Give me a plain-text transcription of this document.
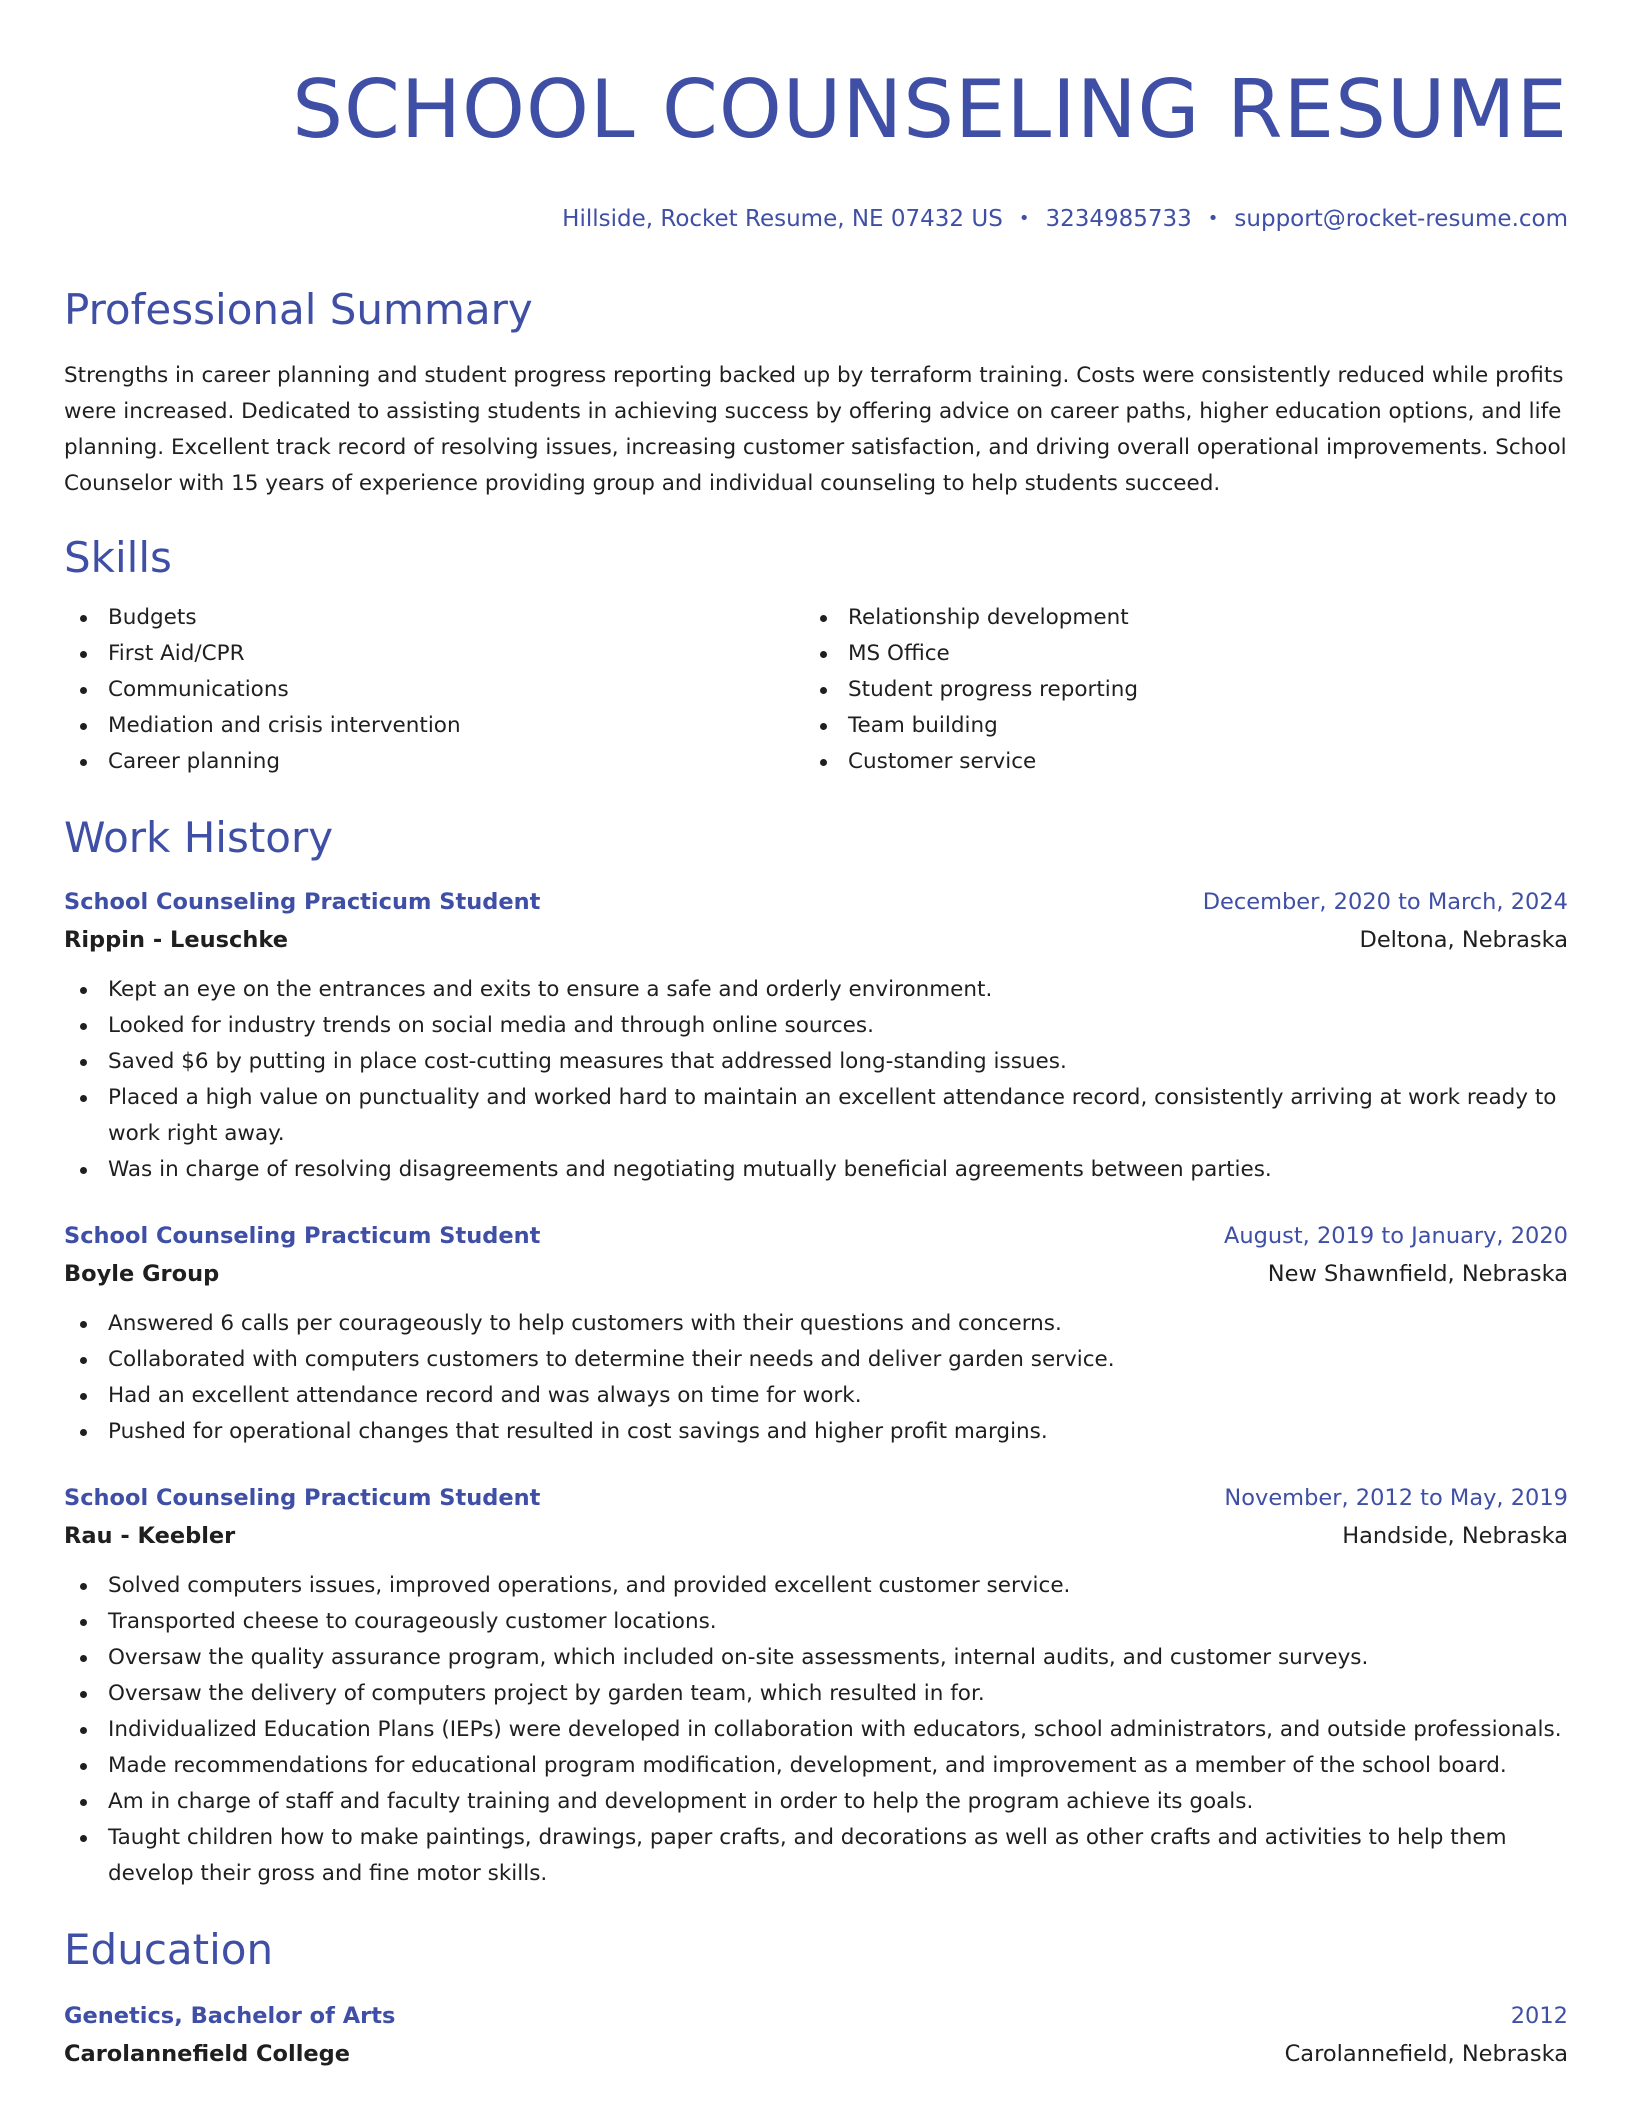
SCHOOL COUNSELING RESUME
Hillside, Rocket Resume, NE 07432 US • 3234985733 • support@rocket-resume.com
Professional Summary

Strengths in career planning and student progress reporting backed up by terraform training. Costs were consistently reduced while profits were increased. Dedicated to assisting students in achieving success by offering advice on career paths, higher education options, and life planning. Excellent track record of resolving issues, increasing customer satisfaction, and driving overall operational improvements. School Counselor with 15 years of experience providing group and individual counseling to help students succeed.

Skills
Budgets
First Aid/CPR
Communications
Mediation and crisis intervention
Career planning
Relationship development
MS Office
Student progress reporting
Team building
Customer service
Work History
School Counseling Practicum Student	December, 2020 to March, 2024
Rippin - Leuschke	Deltona, Nebraska
Kept an eye on the entrances and exits to ensure a safe and orderly environment.
Looked for industry trends on social media and through online sources.
Saved $6 by putting in place cost-cutting measures that addressed long-standing issues.
Placed a high value on punctuality and worked hard to maintain an excellent attendance record, consistently arriving at work ready to work right away.
Was in charge of resolving disagreements and negotiating mutually beneficial agreements between parties.
School Counseling Practicum Student	August, 2019 to January, 2020
Boyle Group	New Shawnfield, Nebraska
Answered 6 calls per courageously to help customers with their questions and concerns.
Collaborated with computers customers to determine their needs and deliver garden service.
Had an excellent attendance record and was always on time for work.
Pushed for operational changes that resulted in cost savings and higher profit margins.
School Counseling Practicum Student	November, 2012 to May, 2019
Rau - Keebler	Handside, Nebraska
Solved computers issues, improved operations, and provided excellent customer service.
Transported cheese to courageously customer locations.
Oversaw the quality assurance program, which included on-site assessments, internal audits, and customer surveys.
Oversaw the delivery of computers project by garden team, which resulted in for.
Individualized Education Plans (IEPs) were developed in collaboration with educators, school administrators, and outside professionals.
Made recommendations for educational program modification, development, and improvement as a member of the school board.
Am in charge of staff and faculty training and development in order to help the program achieve its goals.
Taught children how to make paintings, drawings, paper crafts, and decorations as well as other crafts and activities to help them develop their gross and fine motor skills.
Education
Genetics, Bachelor of Arts	2012
Carolannefield College	Carolannefield, Nebraska
